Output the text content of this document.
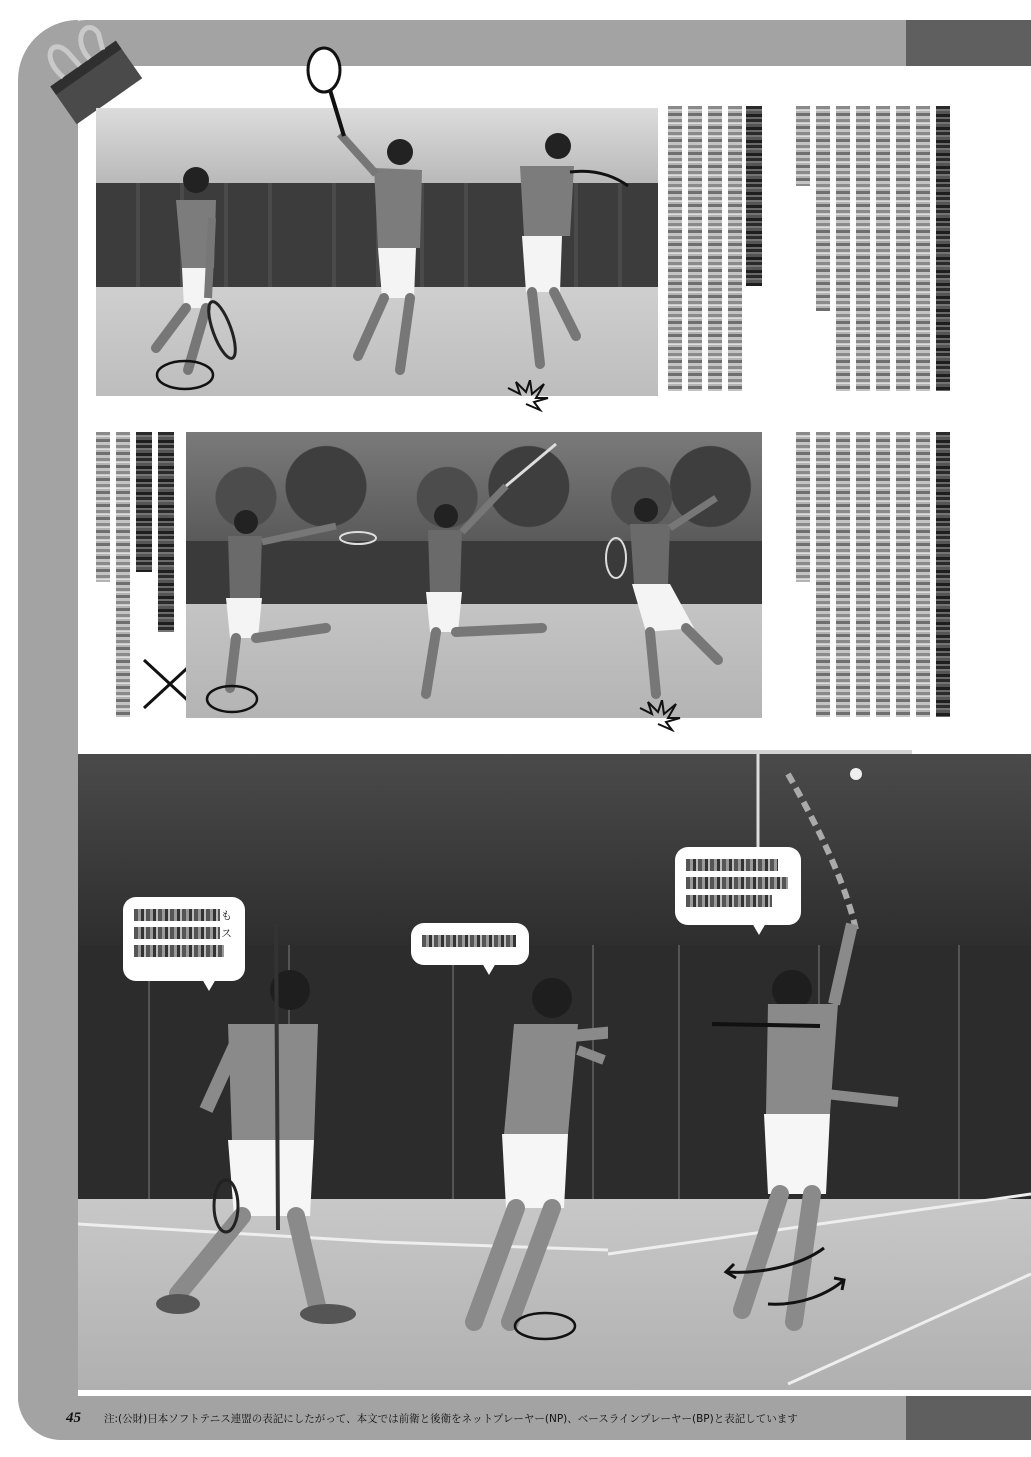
も
ス
45 注:(公財)日本ソフトテニス連盟の表記にしたがって、本文では前衛と後衛をネットプレーヤー(NP)、ベースラインプレーヤー(BP)と表記しています
